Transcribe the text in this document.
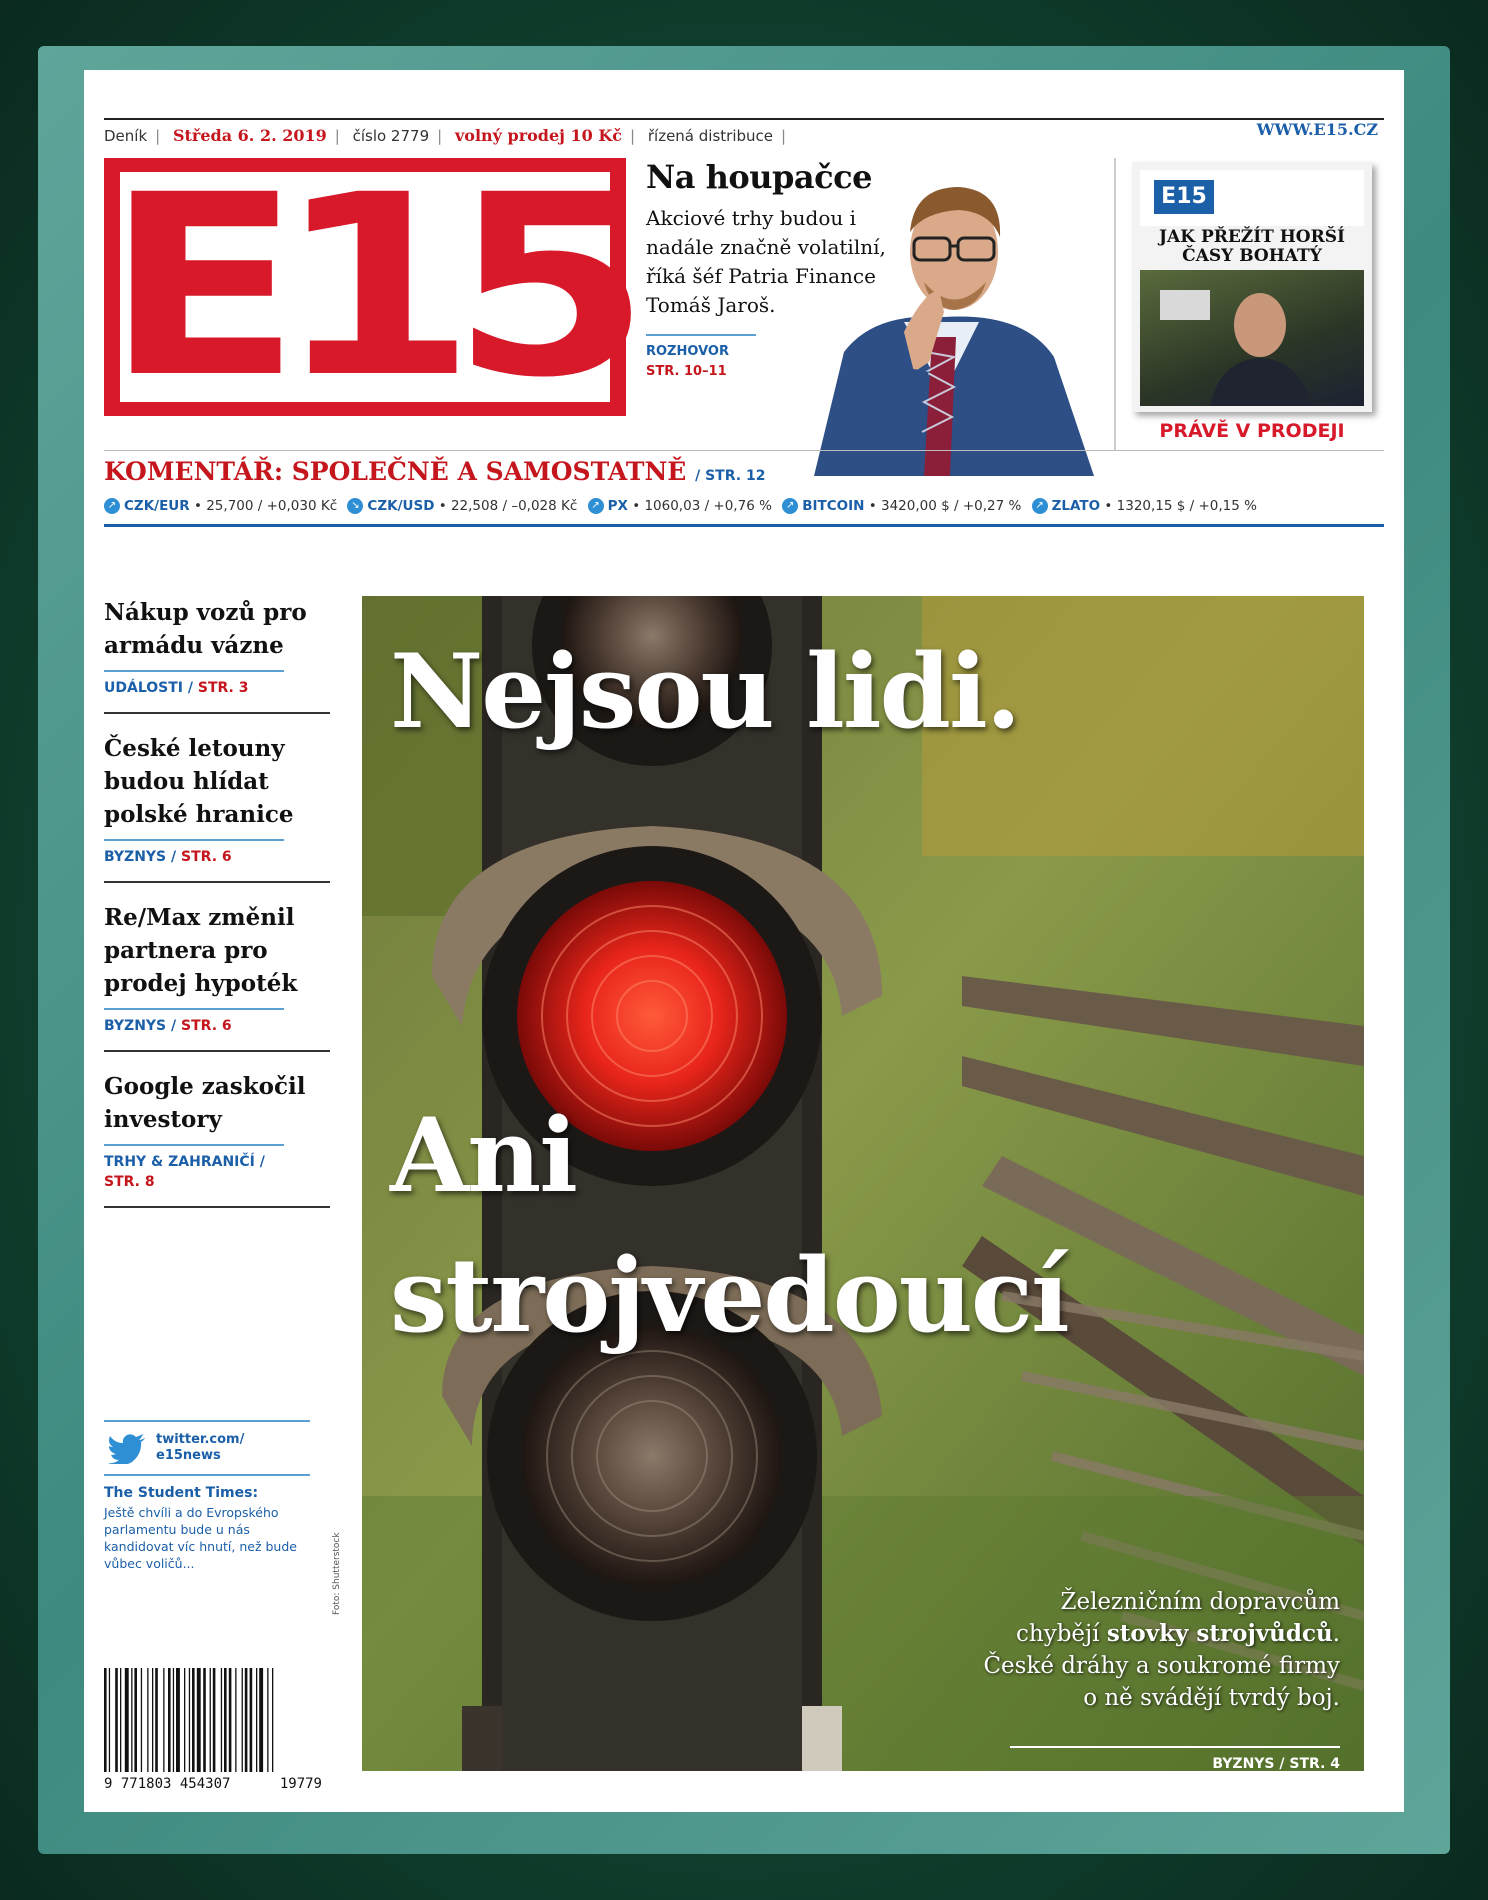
Deník | Středa 6. 2. 2019 | číslo 2779 | volný prodej 10 Kč | řízená distribuce |	WWW.E15.CZ
E15 Na houpačce

Akciové trhy budou i nadále značně volatilní, říká šéf Patria Finance Tomáš Jaroš.

ROZHOVOR
STR. 10–11
E15
JAK PŘEŽÍT HORŠÍ
ČASY BOHATÝ
PRÁVĚ V PRODEJI
KOMENTÁŘ: SPOLEČNĚ A SAMOSTATNĚ / STR. 12
↗ CZK/EUR • 25,700 / +0,030 Kč ↘ CZK/USD • 22,508 / –0,028 Kč ↗ PX • 1060,03 / +0,76 % ↗ BITCOIN • 3420,00 $ / +0,27 % ↗ ZLATO • 1320,15 $ / +0,15 %
Nákup vozů pro armádu vázne
UDÁLOSTI / STR. 3
České letouny budou hlídat polské hranice
BYZNYS / STR. 6
Re/Max změnil partnera pro prodej hypoték
BYZNYS / STR. 6
Google zaskočil investory
TRHY & ZAHRANIČÍ / STR. 8
twitter.com/
e15news
The Student Times:
Ještě chvíli a do Evropského parlamentu bude u nás kandidovat víc hnutí, než bude vůbec voličů...
9 771803 454307	19779
Foto: Shutterstock
Nejsou lidi.
Ani
strojvedoucí
Železničním dopravcům chybějí stovky strojvůdců. České dráhy a soukromé firmy o ně svádějí tvrdý boj.
BYZNYS / STR. 4
